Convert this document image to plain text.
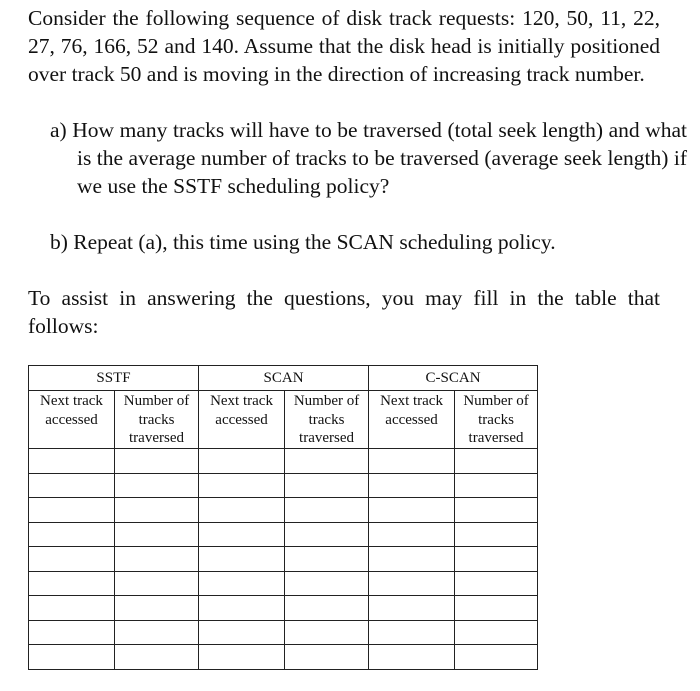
Consider the following sequence of disk track requests: 120, 50, 11, 22, 27, 76, 166, 52 and 140. Assume that the disk head is initially positioned over track 50 and is moving in the direction of increasing track number.

a) How many tracks will have to be traversed (total seek length) and what is the average number of tracks to be traversed (average seek length) if we use the SSTF scheduling policy?

b) Repeat (a), this time using the SCAN scheduling policy.

To assist in answering the questions, you may fill in the table that follows:

SSTF		SCAN		C-SCAN	
Next track
accessed	Number of
tracks
traversed	Next track
accessed	Number of
tracks
traversed	Next track
accessed	Number of
tracks
traversed
